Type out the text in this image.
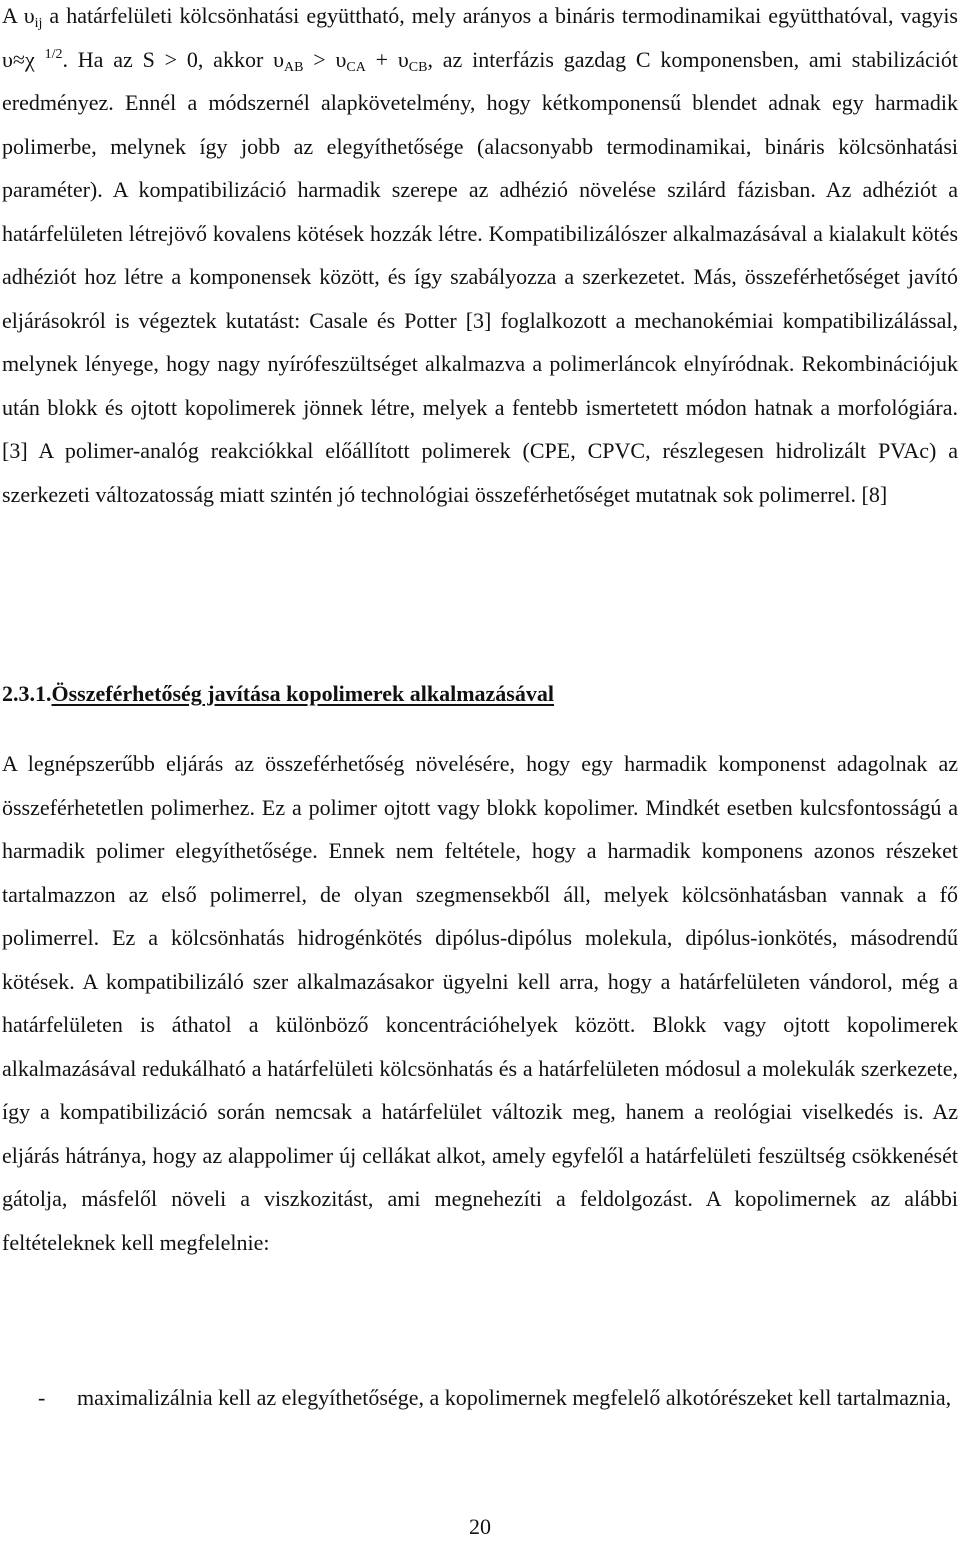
A $\upsilon_{ij}$ a határfelületi kölcsönhatási együttható, mely arányos a bináris termodinamikai együtthatóval, vagyis υ≈χ $^{1/2}$. Ha az S > 0, akkor $\upsilon_{AB} > \upsilon_{CA} + \upsilon_{CB}$, az interfázis gazdag C komponensben, ami stabilizációt eredményez. Ennél a módszernél alapkövetelmény, hogy kétkomponensű blendet adnak egy harmadik polimerbe, melynek így jobb az elegyíthetősége (alacsonyabb termodinamikai, bináris kölcsönhatási paraméter). A kompatibilizáció harmadik szerepe az adhézió növelése szilárd fázisban. Az adhéziót a határfelületen létrejövő kovalens kötések hozzák létre. Kompatibilizálószer alkalmazásával a kialakult kötés adhéziót hoz létre a komponensek között, és így szabályozza a szerkezetet. Más, összeférhetőséget javító eljárásokról is végeztek kutatást: Casale és Potter [3] foglalkozott a mechanokémiai kompatibilizálással, melynek lényege, hogy nagy nyírófeszültséget alkalmazva a polimerláncok elnyíródnak. Rekombinációjuk után blokk és ojtott kopolimerek jönnek létre, melyek a fentebb ismertetett módon hatnak a morfológiára. [3] A polimer-analóg reakciókkal előállított polimerek (CPE, CPVC, részlegesen hidrolizált PVAc) a szerkezeti változatosság miatt szintén jó technológiai összeférhetőséget mutatnak sok polimerrel. [8]

2.3.1.Összeférhetőség javítása kopolimerek alkalmazásával

A legnépszerűbb eljárás az összeférhetőség növelésére, hogy egy harmadik komponenst adagolnak az összeférhetetlen polimerhez. Ez a polimer ojtott vagy blokk kopolimer. Mindkét esetben kulcsfontosságú a harmadik polimer elegyíthetősége. Ennek nem feltétele, hogy a harmadik komponens azonos részeket tartalmazzon az első polimerrel, de olyan szegmensekből áll, melyek kölcsönhatásban vannak a fő polimerrel. Ez a kölcsönhatás hidrogénkötés dipólus-dipólus molekula, dipólus-ionkötés, másodrendű kötések. A kompatibilizáló szer alkalmazásakor ügyelni kell arra, hogy a határfelületen vándorol, még a határfelületen is áthatol a különböző koncentrációhelyek között. Blokk vagy ojtott kopolimerek alkalmazásával redukálható a határfelületi kölcsönhatás és a határfelületen módosul a molekulák szerkezete, így a kompatibilizáció során nemcsak a határfelület változik meg, hanem a reológiai viselkedés is. Az eljárás hátránya, hogy az alappolimer új cellákat alkot, amely egyfelől a határfelületi feszültség csökkenését gátolja, másfelől növeli a viszkozitást, ami megnehezíti a feldolgozást. A kopolimernek az alábbi feltételeknek kell megfelelnie:

- maximalizálnia kell az elegyíthetősége, a kopolimernek megfelelő alkotórészeket kell tartalmaznia,
20
